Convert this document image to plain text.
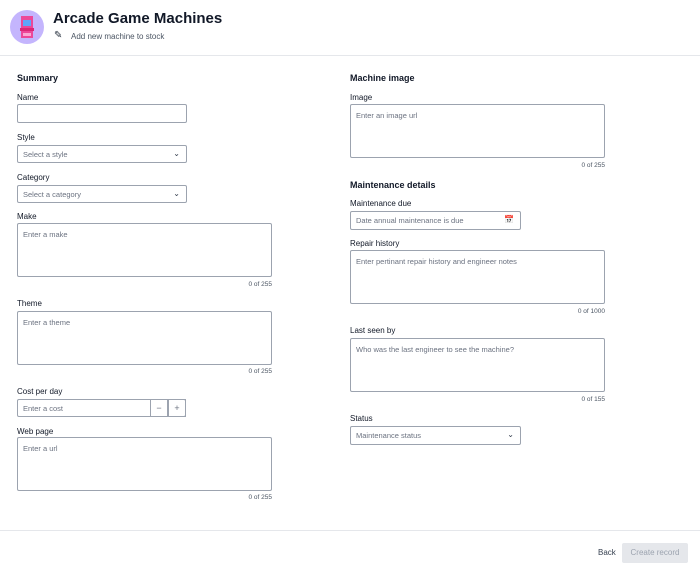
Arcade Game Machines
✎ Add new machine to stock
Summary
Name
Style
Select a style	⌄
Category
Select a category	⌄
Make
Enter a make
0 of 255
Theme
Enter a theme
0 of 255
Cost per day
Enter a cost	−	+
Web page
Enter a url
0 of 255
Machine image
Image
Enter an image url
0 of 255
Maintenance details
Maintenance due
Date annual maintenance is due	📅
Repair history
Enter pertinant repair history and engineer notes
0 of 1000
Last seen by
Who was the last engineer to see the machine?
0 of 155
Status
Maintenance status	⌄
Back	Create record
